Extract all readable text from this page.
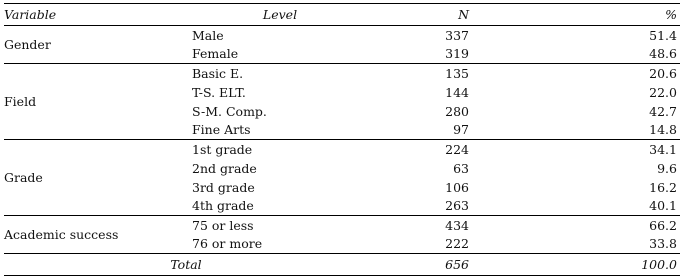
Variable	Level	N	%
Gender	Male	337	51.4
	Female	319	48.6
Field	Basic E.	135	20.6
	T-S. ELT.	144	22.0
	S-M. Comp.	280	42.7
	Fine Arts	97	14.8
Grade	1st grade	224	34.1
	2nd grade	63	9.6
	3rd grade	106	16.2
	4th grade	263	40.1
Academic success	75 or less	434	66.2
	76 or more	222	33.8
Total		656	100.0
